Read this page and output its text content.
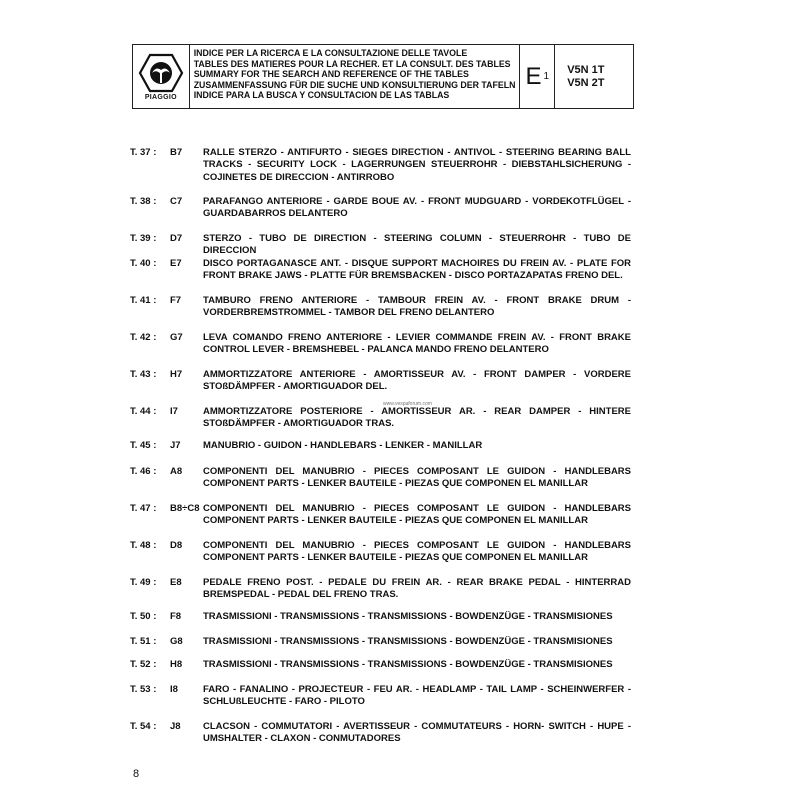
PIAGGIO
INDICE PER LA RICERCA E LA CONSULTAZIONE DELLE TAVOLE
TABLES DES MATIERES POUR LA RECHER. ET LA CONSULT. DES TABLES
SUMMARY FOR THE SEARCH AND REFERENCE OF THE TABLES
ZUSAMMENFASSUNG FÜR DIE SUCHE UND KONSULTIERUNG DER TAFELN
INDICE PARA LA BUSCA Y CONSULTACION DE LAS TABLAS
E 1
V5N 1T
V5N 2T
T. 37 : B7	RALLE STERZO - ANTIFURTO - SIEGES DIRECTION - ANTIVOL - STEERING BEARING BALL TRACKS - SECURITY LOCK - LAGERRUNGEN STEUERROHR - DIEBSTAHLSICHERUNG - COJINETES DE DIRECCION - ANTIRROBO
T. 38 : C7	PARAFANGO ANTERIORE - GARDE BOUE AV. - FRONT MUDGUARD - VORDEKOTFLÜGEL - GUARDABARROS DELANTERO
T. 39 : D7	STERZO - TUBO DE DIRECTION - STEERING COLUMN - STEUERROHR - TUBO DE DIRECCION
T. 40 : E7	DISCO PORTAGANASCE ANT. - DISQUE SUPPORT MACHOIRES DU FREIN AV. - PLATE FOR FRONT BRAKE JAWS - PLATTE FÜR BREMSBACKEN - DISCO PORTAZAPATAS FRENO DEL.
T. 41 : F7	TAMBURO FRENO ANTERIORE - TAMBOUR FREIN AV. - FRONT BRAKE DRUM - VORDERBREMSTROMMEL - TAMBOR DEL FRENO DELANTERO
T. 42 : G7	LEVA COMANDO FRENO ANTERIORE - LEVIER COMMANDE FREIN AV. - FRONT BRAKE CONTROL LEVER - BREMSHEBEL - PALANCA MANDO FRENO DELANTERO
T. 43 : H7	AMMORTIZZATORE ANTERIORE - AMORTISSEUR AV. - FRONT DAMPER - VORDERE STOßDÄMPFER - AMORTIGUADOR DEL.
T. 44 : I7	AMMORTIZZATORE POSTERIORE - AMORTISSEUR AR. - REAR DAMPER - HINTERE STOßDÄMPFER - AMORTIGUADOR TRAS.
T. 45 : J7	MANUBRIO - GUIDON - HANDLEBARS - LENKER - MANILLAR
T. 46 : A8	COMPONENTI DEL MANUBRIO - PIECES COMPOSANT LE GUIDON - HANDLEBARS COMPONENT PARTS - LENKER BAUTEILE - PIEZAS QUE COMPONEN EL MANILLAR
T. 47 : B8÷C8 COMPONENTI DEL MANUBRIO - PIECES COMPOSANT LE GUIDON - HANDLEBARS COMPONENT PARTS - LENKER BAUTEILE - PIEZAS QUE COMPONEN EL MANILLAR
T. 48 : D8	COMPONENTI DEL MANUBRIO - PIECES COMPOSANT LE GUIDON - HANDLEBARS COMPONENT PARTS - LENKER BAUTEILE - PIEZAS QUE COMPONEN EL MANILLAR
T. 49 : E8	PEDALE FRENO POST. - PEDALE DU FREIN AR. - REAR BRAKE PEDAL - HINTERRAD BREMSPEDAL - PEDAL DEL FRENO TRAS.
T. 50 : F8	TRASMISSIONI - TRANSMISSIONS - TRANSMISSIONS - BOWDENZÜGE - TRANSMISIONES
T. 51 : G8	TRASMISSIONI - TRANSMISSIONS - TRANSMISSIONS - BOWDENZÜGE - TRANSMISIONES
T. 52 : H8	TRASMISSIONI - TRANSMISSIONS - TRANSMISSIONS - BOWDENZÜGE - TRANSMISIONES
T. 53 : I8	FARO - FANALINO - PROJECTEUR - FEU AR. - HEADLAMP - TAIL LAMP - SCHEINWERFER - SCHLUßLEUCHTE - FARO - PILOTO
T. 54 : J8	CLACSON - COMMUTATORI - AVERTISSEUR - COMMUTATEURS - HORN- SWITCH - HUPE - UMSHALTER - CLAXON - CONMUTADORES
www.vespaforum.com
8
